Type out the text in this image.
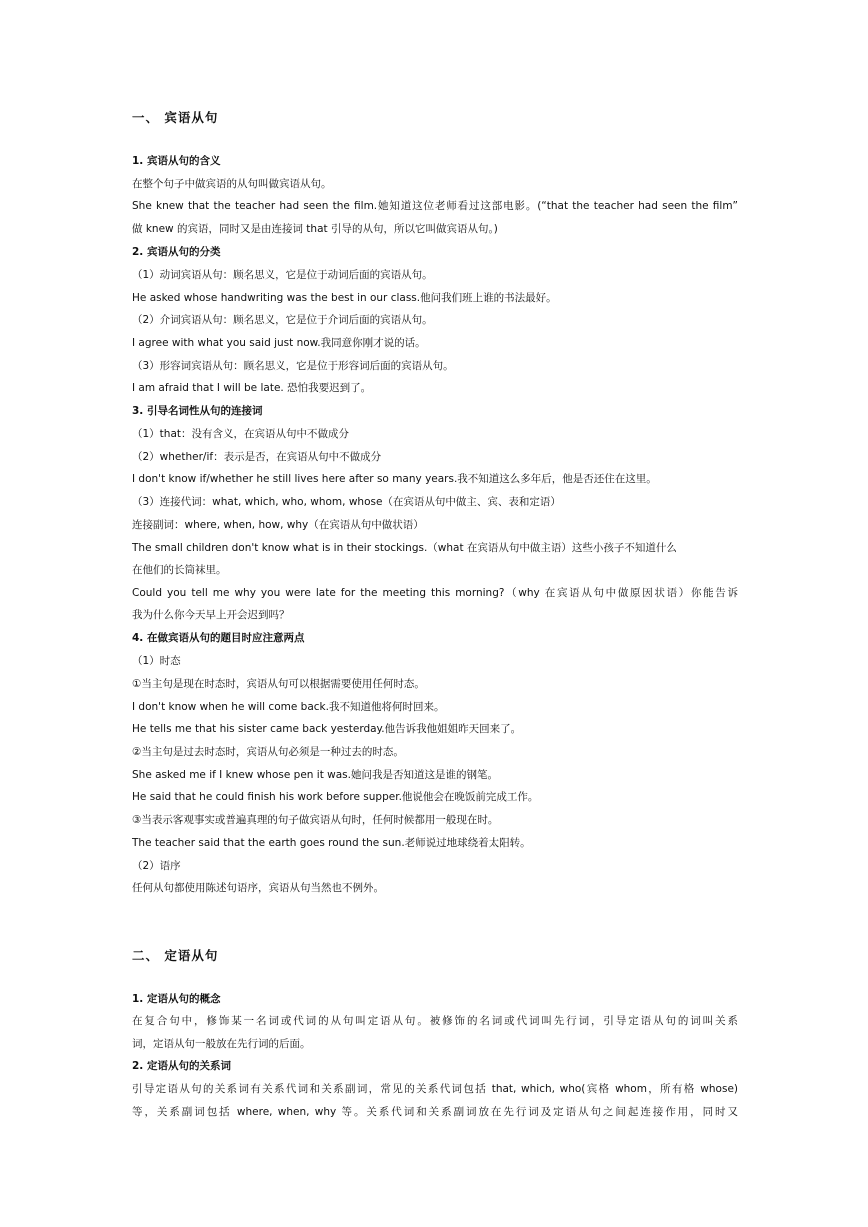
一、 宾语从句
1. 宾语从句的含义
在整个句子中做宾语的从句叫做宾语从句。
She knew that the teacher had seen the film.她知道这位老师看过这部电影。(“that the teacher had seen the film”
做 knew 的宾语，同时又是由连接词 that 引导的从句，所以它叫做宾语从句。)
2. 宾语从句的分类
（1）动词宾语从句：顾名思义，它是位于动词后面的宾语从句。
He asked whose handwriting was the best in our class.他问我们班上谁的书法最好。
（2）介词宾语从句：顾名思义，它是位于介词后面的宾语从句。
I agree with what you said just now.我同意你刚才说的话。
（3）形容词宾语从句：顾名思义，它是位于形容词后面的宾语从句。
I am afraid that I will be late. 恐怕我要迟到了。
3. 引导名词性从句的连接词
（1）that：没有含义，在宾语从句中不做成分
（2）whether/if：表示是否，在宾语从句中不做成分
I don't know if/whether he still lives here after so many years.我不知道这么多年后，他是否还住在这里。
（3）连接代词：what, which, who, whom, whose（在宾语从句中做主、宾、表和定语）
连接副词：where, when, how, why（在宾语从句中做状语）
The small children don't know what is in their stockings.（what 在宾语从句中做主语）这些小孩子不知道什么
在他们的长筒袜里。
Could you tell me why you were late for the meeting this morning?（why 在宾语从句中做原因状语）你能告诉
我为什么你今天早上开会迟到吗？
4. 在做宾语从句的题目时应注意两点
（1）时态
①当主句是现在时态时，宾语从句可以根据需要使用任何时态。
I don't know when he will come back.我不知道他将何时回来。
He tells me that his sister came back yesterday.他告诉我他姐姐昨天回来了。
②当主句是过去时态时，宾语从句必须是一种过去的时态。
She asked me if I knew whose pen it was.她问我是否知道这是谁的钢笔。
He said that he could finish his work before supper.他说他会在晚饭前完成工作。
③当表示客观事实或普遍真理的句子做宾语从句时，任何时候都用一般现在时。
The teacher said that the earth goes round the sun.老师说过地球绕着太阳转。
（2）语序
任何从句都使用陈述句语序，宾语从句当然也不例外。
二、 定语从句
1. 定语从句的概念
在复合句中，修饰某一名词或代词的从句叫定语从句。被修饰的名词或代词叫先行词，引导定语从句的词叫关系
词，定语从句一般放在先行词的后面。
2. 定语从句的关系词
引导定语从句的关系词有关系代词和关系副词，常见的关系代词包括 that, which, who(宾格 whom，所有格 whose)
等，关系副词包括 where, when, why 等。关系代词和关系副词放在先行词及定语从句之间起连接作用，同时又
